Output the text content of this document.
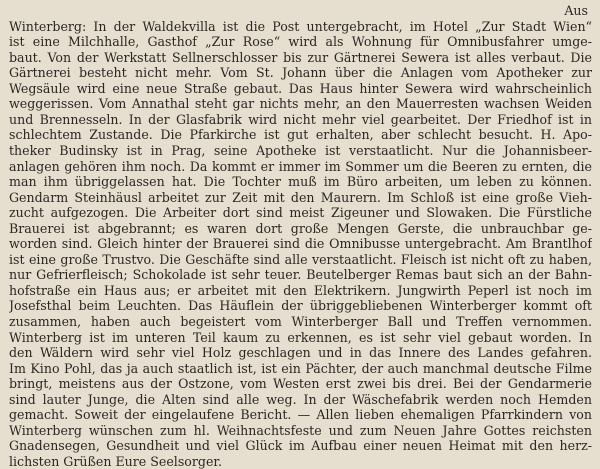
Aus

Winterberg: In der Waldekvilla ist die Post untergebracht, im Hotel „Zur Stadt Wien“
ist eine Milchhalle, Gasthof „Zur Rose“ wird als Wohnung für Omnibusfahrer umge-
baut. Von der Werkstatt Sellnerschlosser bis zur Gärtnerei Sewera ist alles verbaut. Die
Gärtnerei besteht nicht mehr. Vom St. Johann über die Anlagen vom Apotheker zur
Wegsäule wird eine neue Straße gebaut. Das Haus hinter Sewera wird wahrscheinlich
weggerissen. Vom Annathal steht gar nichts mehr, an den Mauerresten wachsen Weiden
und Brennesseln. In der Glasfabrik wird nicht mehr viel gearbeitet. Der Friedhof ist in
schlechtem Zustande. Die Pfarkirche ist gut erhalten, aber schlecht besucht. H. Apo-
theker Budinsky ist in Prag, seine Apotheke ist verstaatlicht. Nur die Johannisbeer-
anlagen gehören ihm noch. Da kommt er immer im Sommer um die Beeren zu ernten, die
man ihm übriggelassen hat. Die Tochter muß im Büro arbeiten, um leben zu können.
Gendarm Steinhäusl arbeitet zur Zeit mit den Maurern. Im Schloß ist eine große Vieh-
zucht aufgezogen. Die Arbeiter dort sind meist Zigeuner und Slowaken. Die Fürstliche
Brauerei ist abgebrannt; es waren dort große Mengen Gerste, die unbrauchbar ge-
worden sind. Gleich hinter der Brauerei sind die Omnibusse untergebracht. Am Brantlhof
ist eine große Trustvo. Die Geschäfte sind alle verstaatlicht. Fleisch ist nicht oft zu haben,
nur Gefrierfleisch; Schokolade ist sehr teuer. Beutelberger Remas baut sich an der Bahn-
hofstraße ein Haus aus; er arbeitet mit den Elektrikern. Jungwirth Peperl ist noch im
Josefsthal beim Leuchten. Das Häuflein der übriggebliebenen Winterberger kommt oft
zusammen, haben auch begeistert vom Winterberger Ball und Treffen vernommen.
Winterberg ist im unteren Teil kaum zu erkennen, es ist sehr viel gebaut worden. In
den Wäldern wird sehr viel Holz geschlagen und in das Innere des Landes gefahren.
Im Kino Pohl, das ja auch staatlich ist, ist ein Pächter, der auch manchmal deutsche Filme
bringt, meistens aus der Ostzone, vom Westen erst zwei bis drei. Bei der Gendarmerie
sind lauter Junge, die Alten sind alle weg. In der Wäschefabrik werden noch Hemden
gemacht. Soweit der eingelaufene Bericht. — Allen lieben ehemaligen Pfarrkindern von
Winterberg wünschen zum hl. Weihnachtsfeste und zum Neuen Jahre Gottes reichsten
Gnadensegen, Gesundheit und viel Glück im Aufbau einer neuen Heimat mit den herz-
lichsten Grüßen Eure Seelsorger.
